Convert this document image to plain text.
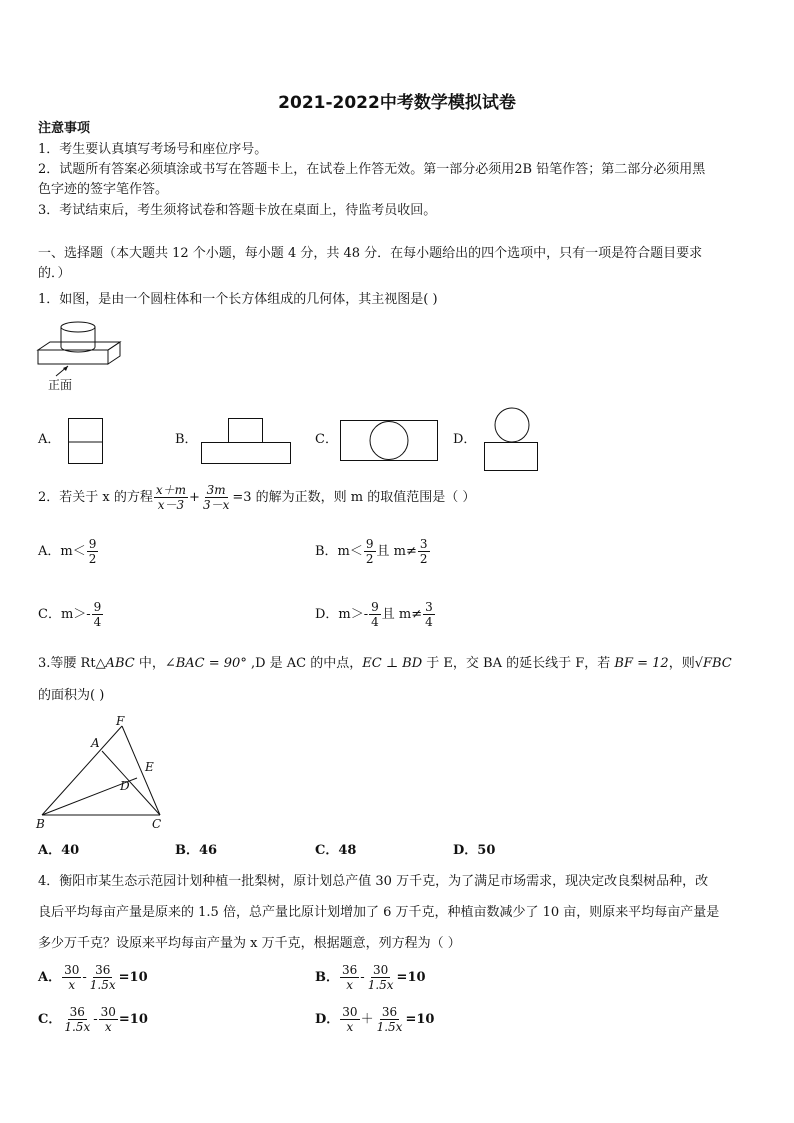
2021-2022中考数学模拟试卷
注意事项
1．考生要认真填写考场号和座位序号。
2．试题所有答案必须填涂或书写在答题卡上，在试卷上作答无效。第一部分必须用2B 铅笔作答；第二部分必须用黑
色字迹的签字笔作答。
3．考试结束后，考生须将试卷和答题卡放在桌面上，待监考员收回。
一、选择题（本大题共 12 个小题，每小题 4 分，共 48 分．在每小题给出的四个选项中，只有一项是符合题目要求
的．）
1．如图，是由一个圆柱体和一个长方体组成的几何体，其主视图是( )
正面
A．	B．	C．	D．
2．若关于 x 的方程 $\frac{x+m}{x-3} + \frac{3m}{3-x} =3$ 的解为正数，则 m 的取值范围是（ ）
A．$m< \frac{9}{2}$	B．$m< \frac{9}{2}$ 且 $m\ne \frac{3}{2}$
C．$m>- \frac{9}{4}$	D．$m>- \frac{9}{4}$ 且 $m\ne \frac{3}{4}$
3.等腰 Rt△ABC 中，∠BAC = 90° ,D 是 AC 的中点，EC ⊥ BD 于 E，交 BA 的延长线于 F，若 BF = 12，则√FBC
的面积为( )
F
A
E
D
B	C
A．40	B．46	C．48	D．50
4．衡阳市某生态示范园计划种植一批梨树，原计划总产值 30 万千克，为了满足市场需求，现决定改良梨树品种，改
良后平均每亩产量是原来的 1.5 倍，总产量比原计划增加了 6 万千克，种植亩数减少了 10 亩，则原来平均每亩产量是
多少万千克？设原来平均每亩产量为 x 万千克，根据题意，列方程为（ ）
A． $\frac{30}{x} - \frac{36}{1.5x} =10$	B． $\frac{36}{x} - \frac{30}{1.5x} =10$
C． $\frac{36}{1.5x} - \frac{30}{x} =10$	D． $\frac{30}{x} + \frac{36}{1.5x} =10$
